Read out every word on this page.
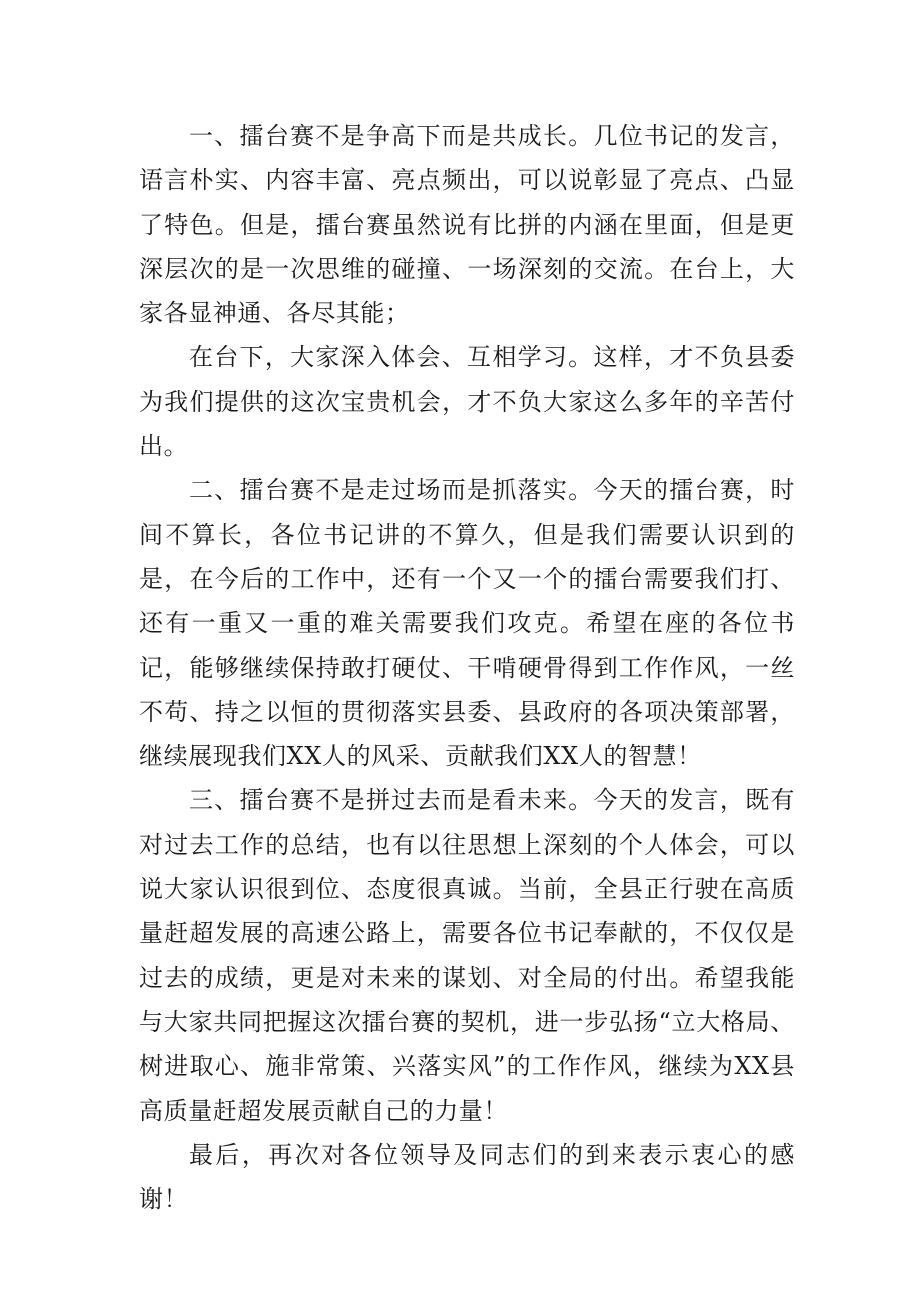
一、擂台赛不是争高下而是共成长。几位书记的发言，语言朴实、内容丰富、亮点频出，可以说彰显了亮点、凸显了特色。但是，擂台赛虽然说有比拼的内涵在里面，但是更深层次的是一次思维的碰撞、一场深刻的交流。在台上，大家各显神通、各尽其能；

在台下，大家深入体会、互相学习。这样，才不负县委为我们提供的这次宝贵机会，才不负大家这么多年的辛苦付出。

二、擂台赛不是走过场而是抓落实。今天的擂台赛，时间不算长，各位书记讲的不算久，但是我们需要认识到的是，在今后的工作中，还有一个又一个的擂台需要我们打、还有一重又一重的难关需要我们攻克。希望在座的各位书记，能够继续保持敢打硬仗、干啃硬骨得到工作作风，一丝不苟、持之以恒的贯彻落实县委、县政府的各项决策部署，继续展现我们XX人的风采、贡献我们XX人的智慧！

三、擂台赛不是拼过去而是看未来。今天的发言，既有对过去工作的总结，也有以往思想上深刻的个人体会，可以说大家认识很到位、态度很真诚。当前，全县正行驶在高质量赶超发展的高速公路上，需要各位书记奉献的，不仅仅是过去的成绩，更是对未来的谋划、对全局的付出。希望我能与大家共同把握这次擂台赛的契机，进一步弘扬“立大格局、树进取心、施非常策、兴落实风”的工作作风，继续为XX县高质量赶超发展贡献自己的力量！

最后，再次对各位领导及同志们的到来表示衷心的感谢！
